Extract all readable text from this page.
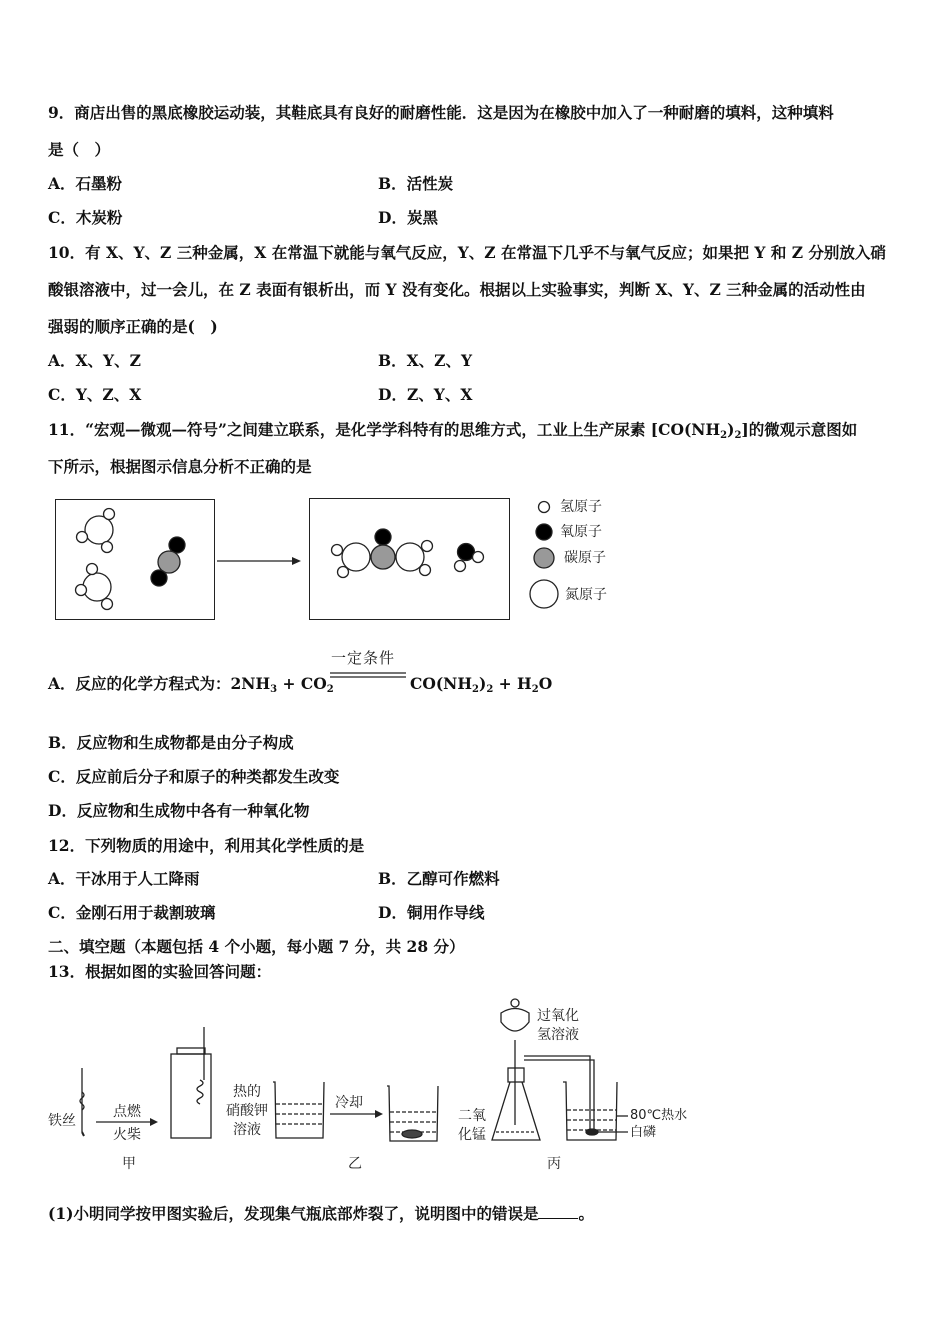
9．商店出售的黑底橡胶运动装，其鞋底具有良好的耐磨性能．这是因为在橡胶中加入了一种耐磨的填料，这种填料
是（　）
A．石墨粉	B．活性炭
C．木炭粉	D．炭黑
10．有 X、Y、Z 三种金属，X 在常温下就能与氧气反应，Y、Z 在常温下几乎不与氧气反应；如果把 Y 和 Z 分别放入硝
酸银溶液中，过一会儿，在 Z 表面有银析出，而 Y 没有变化。根据以上实验事实，判断 X、Y、Z 三种金属的活动性由
强弱的顺序正确的是(　)
A．X、Y、Z	B．X、Z、Y
C．Y、Z、X	D．Z、Y、X
11．“宏观—微观—符号”之间建立联系，是化学学科特有的思维方式，工业上生产尿素 $[CO(NH_2)_2]$的微观示意图如
下所示，根据图示信息分析不正确的是
氢原子
氧原子
碳原子
氮原子
A．反应的化学方程式为：$2NH_3 + CO_2$
一定条件
$CO(NH_2)_2 + H_2O$
B．反应物和生成物都是由分子构成
C．反应前后分子和原子的种类都发生改变
D．反应物和生成物中各有一种氧化物
12．下列物质的用途中，利用其化学性质的是
A．干冰用于人工降雨	B．乙醇可作燃料
C．金刚石用于裁割玻璃	D．铜用作导线
二、填空题（本题包括 4 个小题，每小题 7 分，共 28 分）
13．根据如图的实验回答问题：
铁丝
点燃
火柴
热的
硝酸钾
溶液
冷却
过氧化
氢溶液
二氧
化锰
80℃热水
白磷
甲	乙	丙
(1)小明同学按甲图实验后，发现集气瓶底部炸裂了，说明图中的错误是	。
